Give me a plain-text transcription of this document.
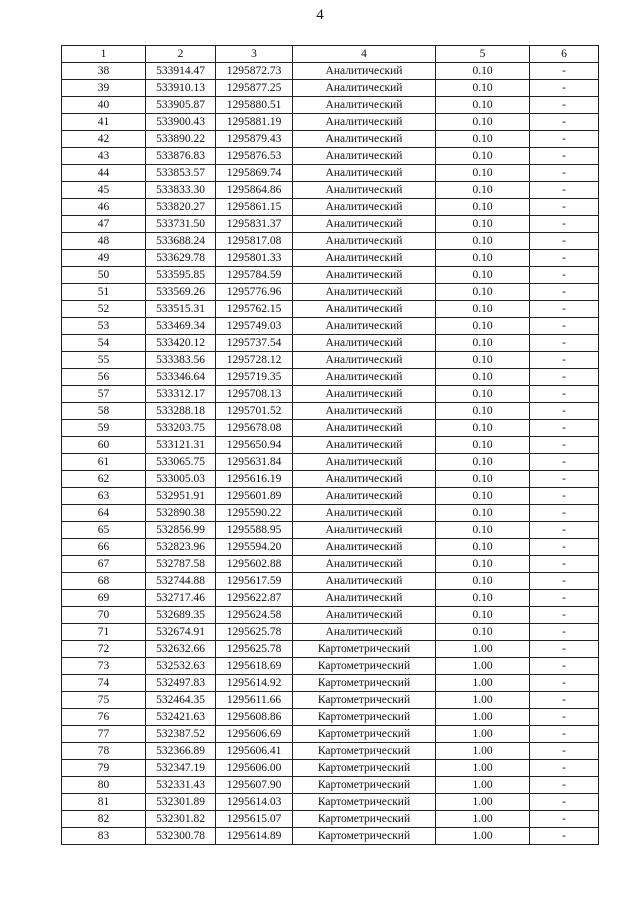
4
1	2	3	4	5	6
38	533914.47	1295872.73	Аналитический	0.10	-
39	533910.13	1295877.25	Аналитический	0.10	-
40	533905.87	1295880.51	Аналитический	0.10	-
41	533900.43	1295881.19	Аналитический	0.10	-
42	533890.22	1295879.43	Аналитический	0.10	-
43	533876.83	1295876.53	Аналитический	0.10	-
44	533853.57	1295869.74	Аналитический	0.10	-
45	533833.30	1295864.86	Аналитический	0.10	-
46	533820.27	1295861.15	Аналитический	0.10	-
47	533731.50	1295831.37	Аналитический	0.10	-
48	533688.24	1295817.08	Аналитический	0.10	-
49	533629.78	1295801.33	Аналитический	0.10	-
50	533595.85	1295784.59	Аналитический	0.10	-
51	533569.26	1295776.96	Аналитический	0.10	-
52	533515.31	1295762.15	Аналитический	0.10	-
53	533469.34	1295749.03	Аналитический	0.10	-
54	533420.12	1295737.54	Аналитический	0.10	-
55	533383.56	1295728.12	Аналитический	0.10	-
56	533346.64	1295719.35	Аналитический	0.10	-
57	533312.17	1295708.13	Аналитический	0.10	-
58	533288.18	1295701.52	Аналитический	0.10	-
59	533203.75	1295678.08	Аналитический	0.10	-
60	533121.31	1295650.94	Аналитический	0.10	-
61	533065.75	1295631.84	Аналитический	0.10	-
62	533005.03	1295616.19	Аналитический	0.10	-
63	532951.91	1295601.89	Аналитический	0.10	-
64	532890.38	1295590.22	Аналитический	0.10	-
65	532856.99	1295588.95	Аналитический	0.10	-
66	532823.96	1295594.20	Аналитический	0.10	-
67	532787.58	1295602.88	Аналитический	0.10	-
68	532744.88	1295617.59	Аналитический	0.10	-
69	532717.46	1295622.87	Аналитический	0.10	-
70	532689.35	1295624.58	Аналитический	0.10	-
71	532674.91	1295625.78	Аналитический	0.10	-
72	532632.66	1295625.78	Картометрический	1.00	-
73	532532.63	1295618.69	Картометрический	1.00	-
74	532497.83	1295614.92	Картометрический	1.00	-
75	532464.35	1295611.66	Картометрический	1.00	-
76	532421.63	1295608.86	Картометрический	1.00	-
77	532387.52	1295606.69	Картометрический	1.00	-
78	532366.89	1295606.41	Картометрический	1.00	-
79	532347.19	1295606.00	Картометрический	1.00	-
80	532331.43	1295607.90	Картометрический	1.00	-
81	532301.89	1295614.03	Картометрический	1.00	-
82	532301.82	1295615.07	Картометрический	1.00	-
83	532300.78	1295614.89	Картометрический	1.00	-
